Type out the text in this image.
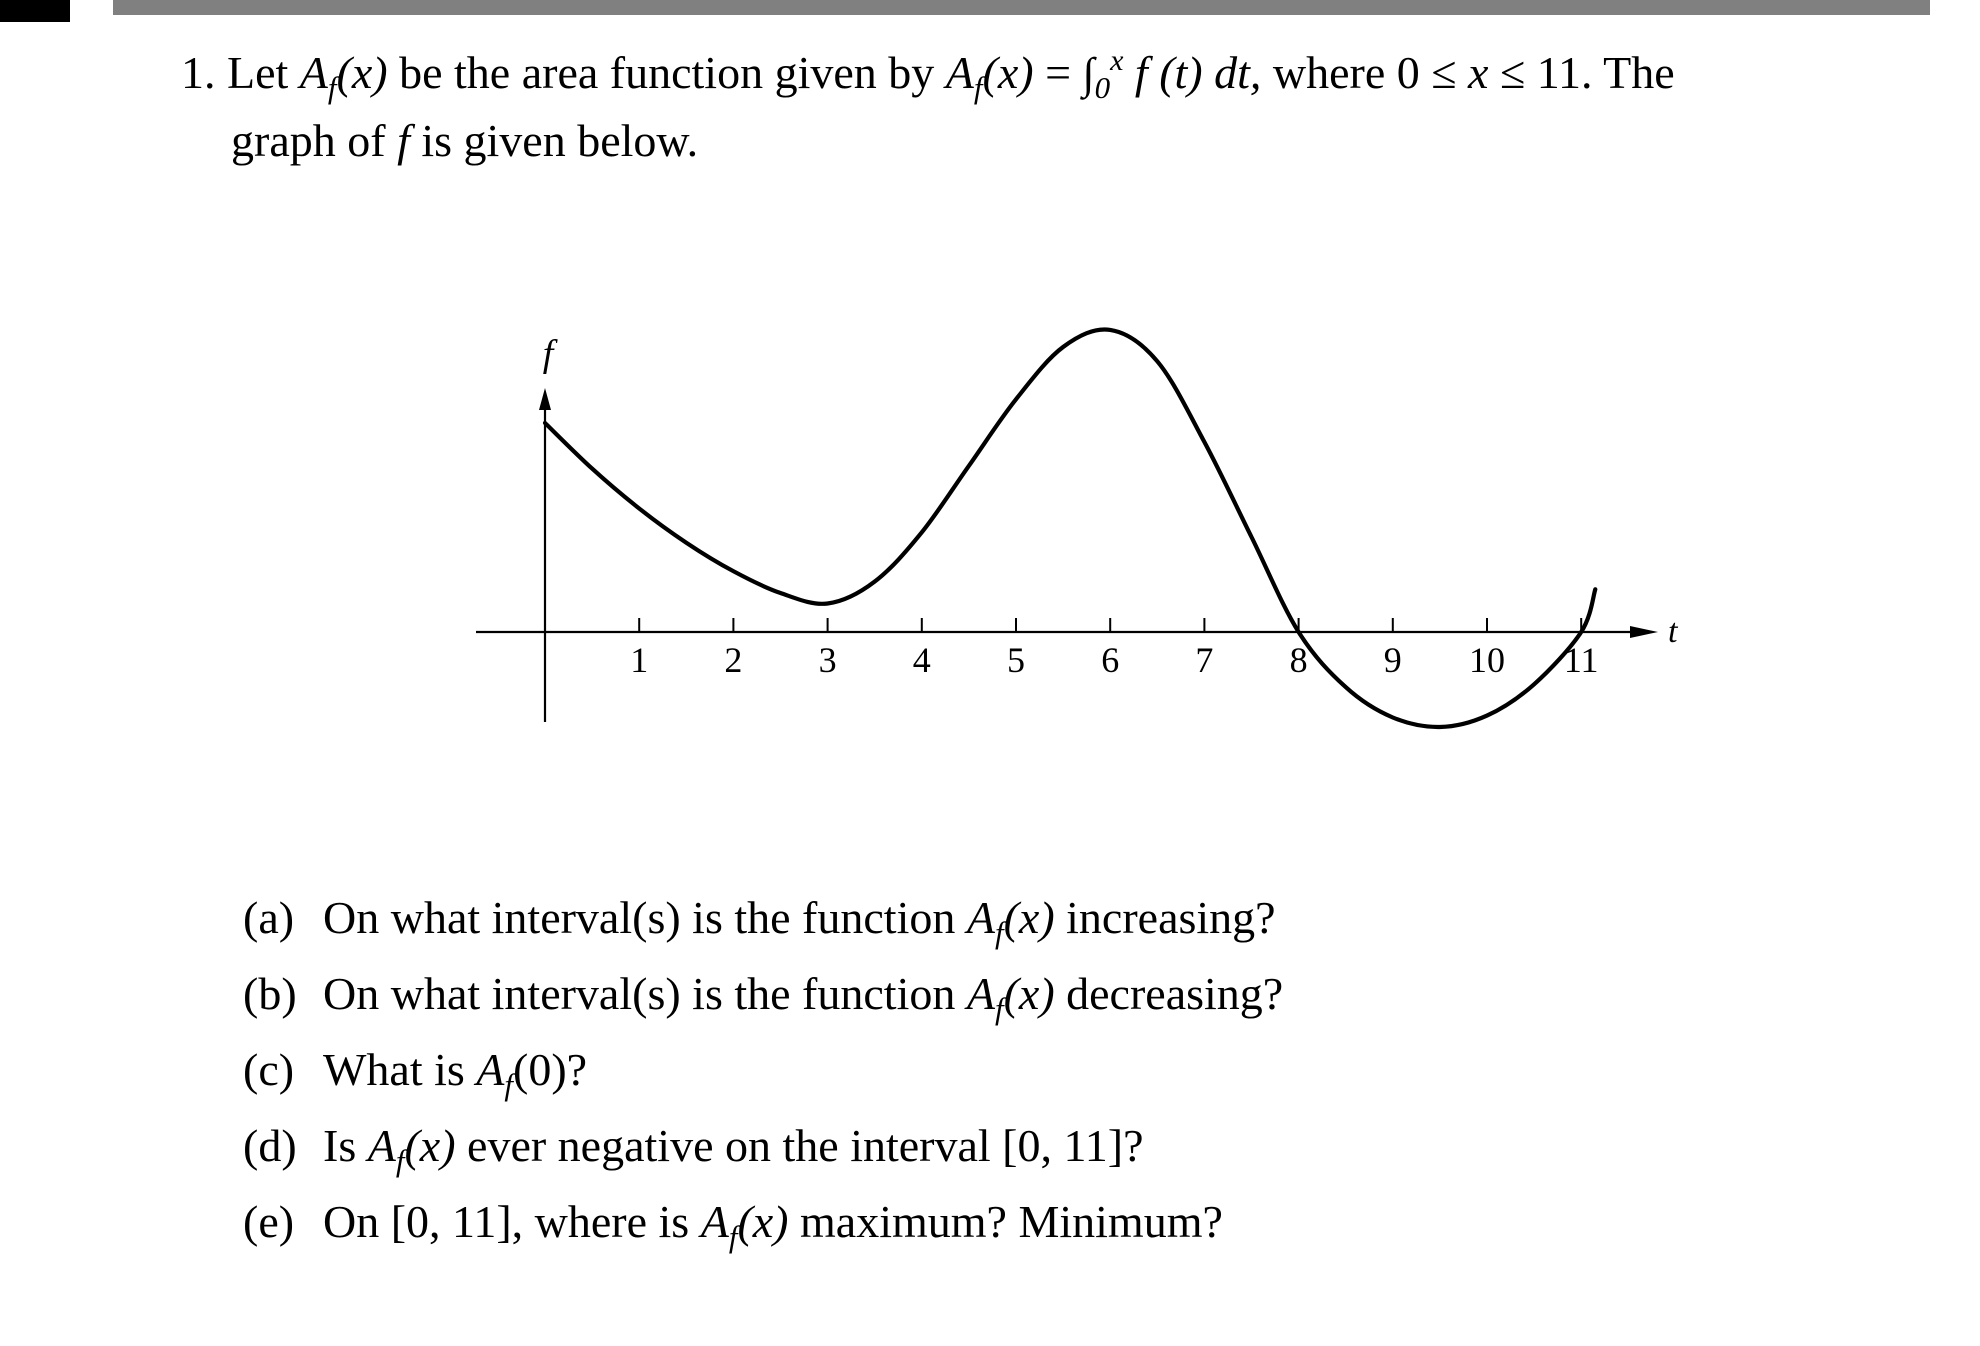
1. Let $A_f(x)$ be the area function given by $A_f(x) = \int_0^x$ f (t) dt, where 0 ≤ x ≤ 11. The
graph of f is given below.
1 2 3 4 5 6 7 8 9 10 11
f
t
(a) On what interval(s) is the function $A_f(x)$ increasing?
(b) On what interval(s) is the function $A_f(x)$ decreasing?
(c) What is $A_f(0)$?
(d) Is $A_f(x)$ ever negative on the interval [0, 11]?
(e) On [0, 11], where is $A_f(x)$ maximum? Minimum?
